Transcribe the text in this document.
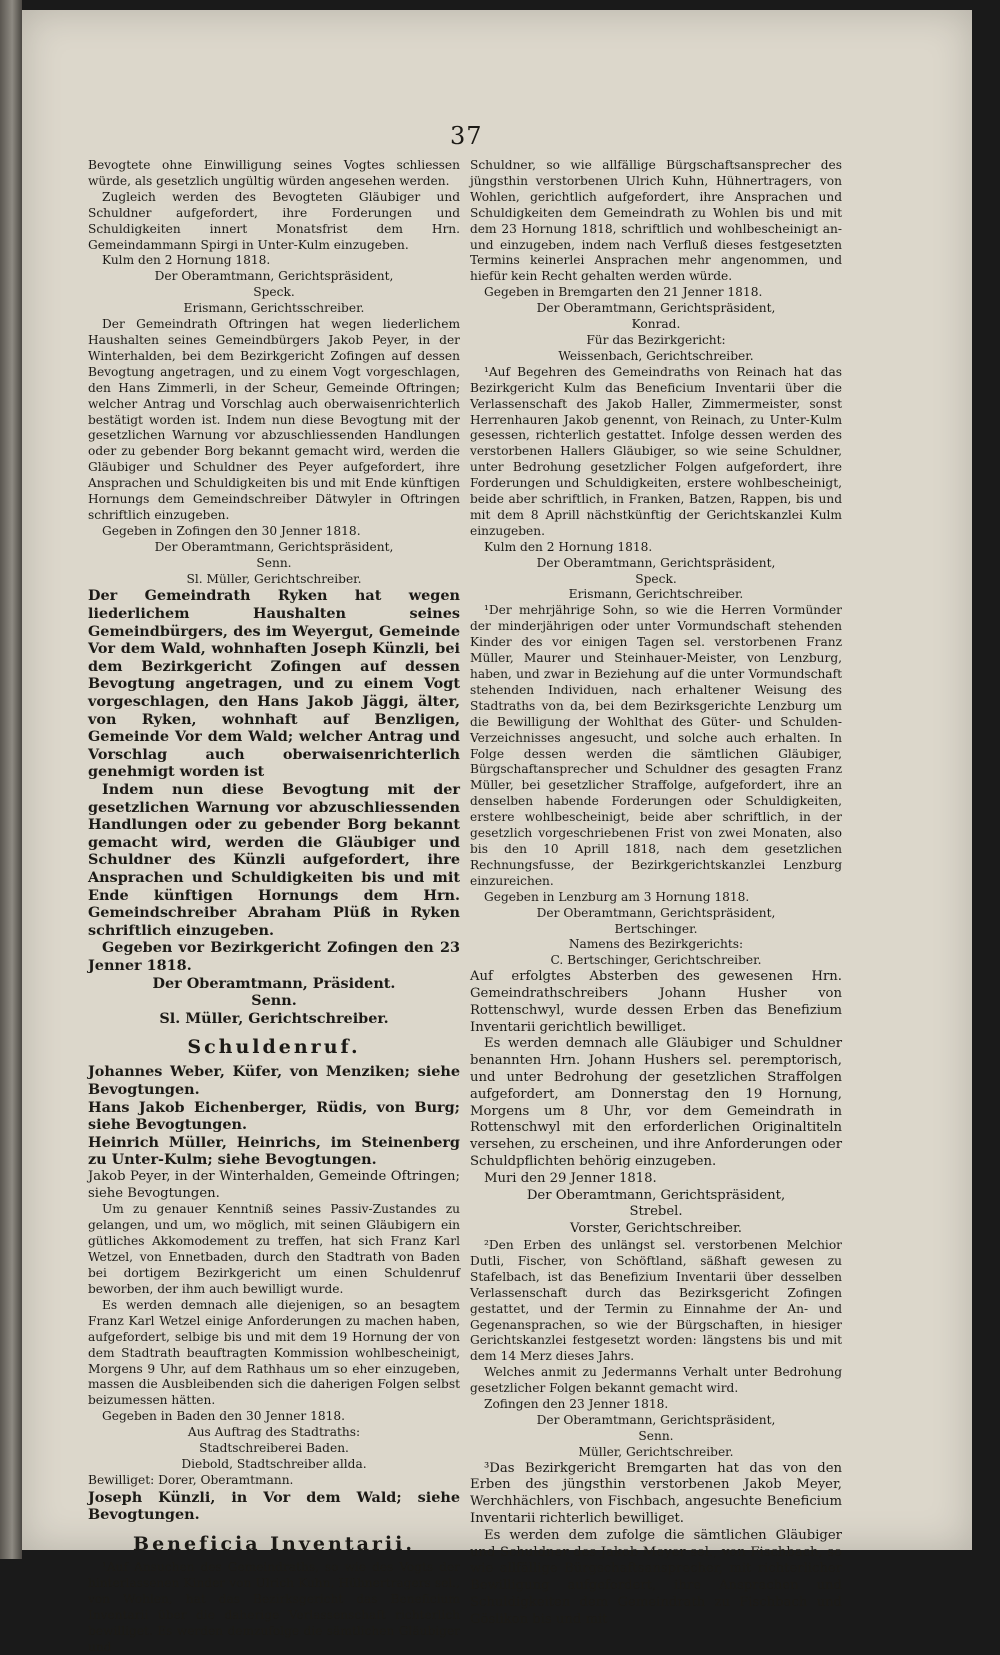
37

Bevogtete ohne Einwilligung seines Vogtes schliessen würde, als gesetzlich ungültig würden angesehen werden.

Zugleich werden des Bevogteten Gläubiger und Schuldner aufgefordert, ihre Forderungen und Schuldigkeiten innert Monatsfrist dem Hrn. Gemeindammann Spirgi in Unter-Kulm einzugeben.

Kulm den 2 Hornung 1818.

Der Oberamtmann, Gerichtspräsident,

Speck.

Erismann, Gerichtsschreiber.

Der Gemeindrath Oftringen hat wegen liederlichem Haushalten seines Gemeindbürgers Jakob Peyer, in der Winterhalden, bei dem Bezirkgericht Zofingen auf dessen Bevogtung angetragen, und zu einem Vogt vorgeschlagen, den Hans Zimmerli, in der Scheur, Gemeinde Oftringen; welcher Antrag und Vorschlag auch oberwaisenrichterlich bestätigt worden ist. Indem nun diese Bevogtung mit der gesetzlichen Warnung vor abzuschliessenden Handlungen oder zu gebender Borg bekannt gemacht wird, werden die Gläubiger und Schuldner des Peyer aufgefordert, ihre Ansprachen und Schuldigkeiten bis und mit Ende künftigen Hornungs dem Gemeindschreiber Dätwyler in Oftringen schriftlich einzugeben.

Gegeben in Zofingen den 30 Jenner 1818.

Der Oberamtmann, Gerichtspräsident,

Senn.

Sl. Müller, Gerichtschreiber.

Der Gemeindrath Ryken hat wegen liederlichem Haushalten seines Gemeindbürgers, des im Weyergut, Gemeinde Vor dem Wald, wohnhaften Joseph Künzli, bei dem Bezirkgericht Zofingen auf dessen Bevogtung angetragen, und zu einem Vogt vorgeschlagen, den Hans Jakob Jäggi, älter, von Ryken, wohnhaft auf Benzligen, Gemeinde Vor dem Wald; welcher Antrag und Vorschlag auch oberwaisenrichterlich genehmigt worden ist

Indem nun diese Bevogtung mit der gesetzlichen Warnung vor abzuschliessenden Handlungen oder zu gebender Borg bekannt gemacht wird, werden die Gläubiger und Schuldner des Künzli aufgefordert, ihre Ansprachen und Schuldigkeiten bis und mit Ende künftigen Hornungs dem Hrn. Gemeindschreiber Abraham Plüß in Ryken schriftlich einzugeben.

Gegeben vor Bezirkgericht Zofingen den 23 Jenner 1818.

Der Oberamtmann, Präsident.

Senn.

Sl. Müller, Gerichtschreiber.

Schuldenruf.

Johannes Weber, Küfer, von Menziken; siehe Bevogtungen.

Hans Jakob Eichenberger, Rüdis, von Burg; siehe Bevogtungen.

Heinrich Müller, Heinrichs, im Steinenberg zu Unter-Kulm; siehe Bevogtungen.

Jakob Peyer, in der Winterhalden, Gemeinde Oftringen; siehe Bevogtungen.

Um zu genauer Kenntniß seines Passiv-Zustandes zu gelangen, und um, wo möglich, mit seinen Gläubigern ein gütliches Akkomodement zu treffen, hat sich Franz Karl Wetzel, von Ennetbaden, durch den Stadtrath von Baden bei dortigem Bezirkgericht um einen Schuldenruf beworben, der ihm auch bewilligt wurde.

Es werden demnach alle diejenigen, so an besagtem Franz Karl Wetzel einige Anforderungen zu machen haben, aufgefordert, selbige bis und mit dem 19 Hornung der von dem Stadtrath beauftragten Kommission wohlbescheinigt, Morgens 9 Uhr, auf dem Rathhaus um so eher einzugeben, massen die Ausbleibenden sich die daherigen Folgen selbst beizumessen hätten.

Gegeben in Baden den 30 Jenner 1818.

Aus Auftrag des Stadtraths:

Stadtschreiberei Baden.

Diebold, Stadtschreiber allda.

Bewilliget: Dorer, Oberamtmann.

Joseph Künzli, in Vor dem Wald; siehe Bevogtungen.

Beneficia Inventarii.

¹Auf Ansuchen des Gemeindraths, so wie des Vogts der hinterlassenen Kinder von Ulrich Kuhn, Hühnertragers sel., von Wohlen, hat das Bezirksgericht das Beneficium Inventarii über die daherige Verlassenschaft richterlich bewilliget. Es werden demzufolge die sämtlichen Gläubiger und

Schuldner, so wie allfällige Bürgschaftsansprecher des jüngsthin verstorbenen Ulrich Kuhn, Hühnertragers, von Wohlen, gerichtlich aufgefordert, ihre Ansprachen und Schuldigkeiten dem Gemeindrath zu Wohlen bis und mit dem 23 Hornung 1818, schriftlich und wohlbescheinigt an- und einzugeben, indem nach Verfluß dieses festgesetzten Termins keinerlei Ansprachen mehr angenommen, und hiefür kein Recht gehalten werden würde.

Gegeben in Bremgarten den 21 Jenner 1818.

Der Oberamtmann, Gerichtspräsident,

Konrad.

Für das Bezirkgericht:

Weissenbach, Gerichtschreiber.

¹Auf Begehren des Gemeindraths von Reinach hat das Bezirkgericht Kulm das Beneficium Inventarii über die Verlassenschaft des Jakob Haller, Zimmermeister, sonst Herrenhauren Jakob genennt, von Reinach, zu Unter-Kulm gesessen, richterlich gestattet. Infolge dessen werden des verstorbenen Hallers Gläubiger, so wie seine Schuldner, unter Bedrohung gesetzlicher Folgen aufgefordert, ihre Forderungen und Schuldigkeiten, erstere wohlbescheinigt, beide aber schriftlich, in Franken, Batzen, Rappen, bis und mit dem 8 Aprill nächstkünftig der Gerichtskanzlei Kulm einzugeben.

Kulm den 2 Hornung 1818.

Der Oberamtmann, Gerichtspräsident,

Speck.

Erismann, Gerichtschreiber.

¹Der mehrjährige Sohn, so wie die Herren Vormünder der minderjährigen oder unter Vormundschaft stehenden Kinder des vor einigen Tagen sel. verstorbenen Franz Müller, Maurer und Steinhauer-Meister, von Lenzburg, haben, und zwar in Beziehung auf die unter Vormundschaft stehenden Individuen, nach erhaltener Weisung des Stadtraths von da, bei dem Bezirksgerichte Lenzburg um die Bewilligung der Wohlthat des Güter- und Schulden-Verzeichnisses angesucht, und solche auch erhalten. In Folge dessen werden die sämtlichen Gläubiger, Bürgschaftansprecher und Schuldner des gesagten Franz Müller, bei gesetzlicher Straffolge, aufgefordert, ihre an denselben habende Forderungen oder Schuldigkeiten, erstere wohlbescheinigt, beide aber schriftlich, in der gesetzlich vorgeschriebenen Frist von zwei Monaten, also bis den 10 Aprill 1818, nach dem gesetzlichen Rechnungsfusse, der Bezirkgerichtskanzlei Lenzburg einzureichen.

Gegeben in Lenzburg am 3 Hornung 1818.

Der Oberamtmann, Gerichtspräsident,

Bertschinger.

Namens des Bezirkgerichts:

C. Bertschinger, Gerichtschreiber.

Auf erfolgtes Absterben des gewesenen Hrn. Gemeindrathschreibers Johann Husher von Rottenschwyl, wurde dessen Erben das Benefizium Inventarii gerichtlich bewilliget.

Es werden demnach alle Gläubiger und Schuldner benannten Hrn. Johann Hushers sel. peremptorisch, und unter Bedrohung der gesetzlichen Straffolgen aufgefordert, am Donnerstag den 19 Hornung, Morgens um 8 Uhr, vor dem Gemeindrath in Rottenschwyl mit den erforderlichen Originaltiteln versehen, zu erscheinen, und ihre Anforderungen oder Schuldpflichten behörig einzugeben.

Muri den 29 Jenner 1818.

Der Oberamtmann, Gerichtspräsident,

Strebel.

Vorster, Gerichtschreiber.

²Den Erben des unlängst sel. verstorbenen Melchior Dutli, Fischer, von Schöftland, säßhaft gewesen zu Stafelbach, ist das Benefizium Inventarii über desselben Verlassenschaft durch das Bezirksgericht Zofingen gestattet, und der Termin zu Einnahme der An- und Gegenansprachen, so wie der Bürgschaften, in hiesiger Gerichtskanzlei festgesetzt worden: längstens bis und mit dem 14 Merz dieses Jahrs.

Welches anmit zu Jedermanns Verhalt unter Bedrohung gesetzlicher Folgen bekannt gemacht wird.

Zofingen den 23 Jenner 1818.

Der Oberamtmann, Gerichtspräsident,

Senn.

Müller, Gerichtschreiber.

³Das Bezirkgericht Bremgarten hat das von den Erben des jüngsthin verstorbenen Jakob Meyer, Werchhächlers, von Fischbach, angesuchte Beneficium Inventarii richterlich bewilliget.

Es werden dem zufolge die sämtlichen Gläubiger und Schuldner des Jakob Meyer sel., von Fischbach, so wie allfällige Bürgschaftsansprecher, mit richterlicher Bewilligung aufgefordert, ihre Ansprachen und Schuldigkeiten dem Gemeindrath zu Fischbach und Göslikon bis und mit
